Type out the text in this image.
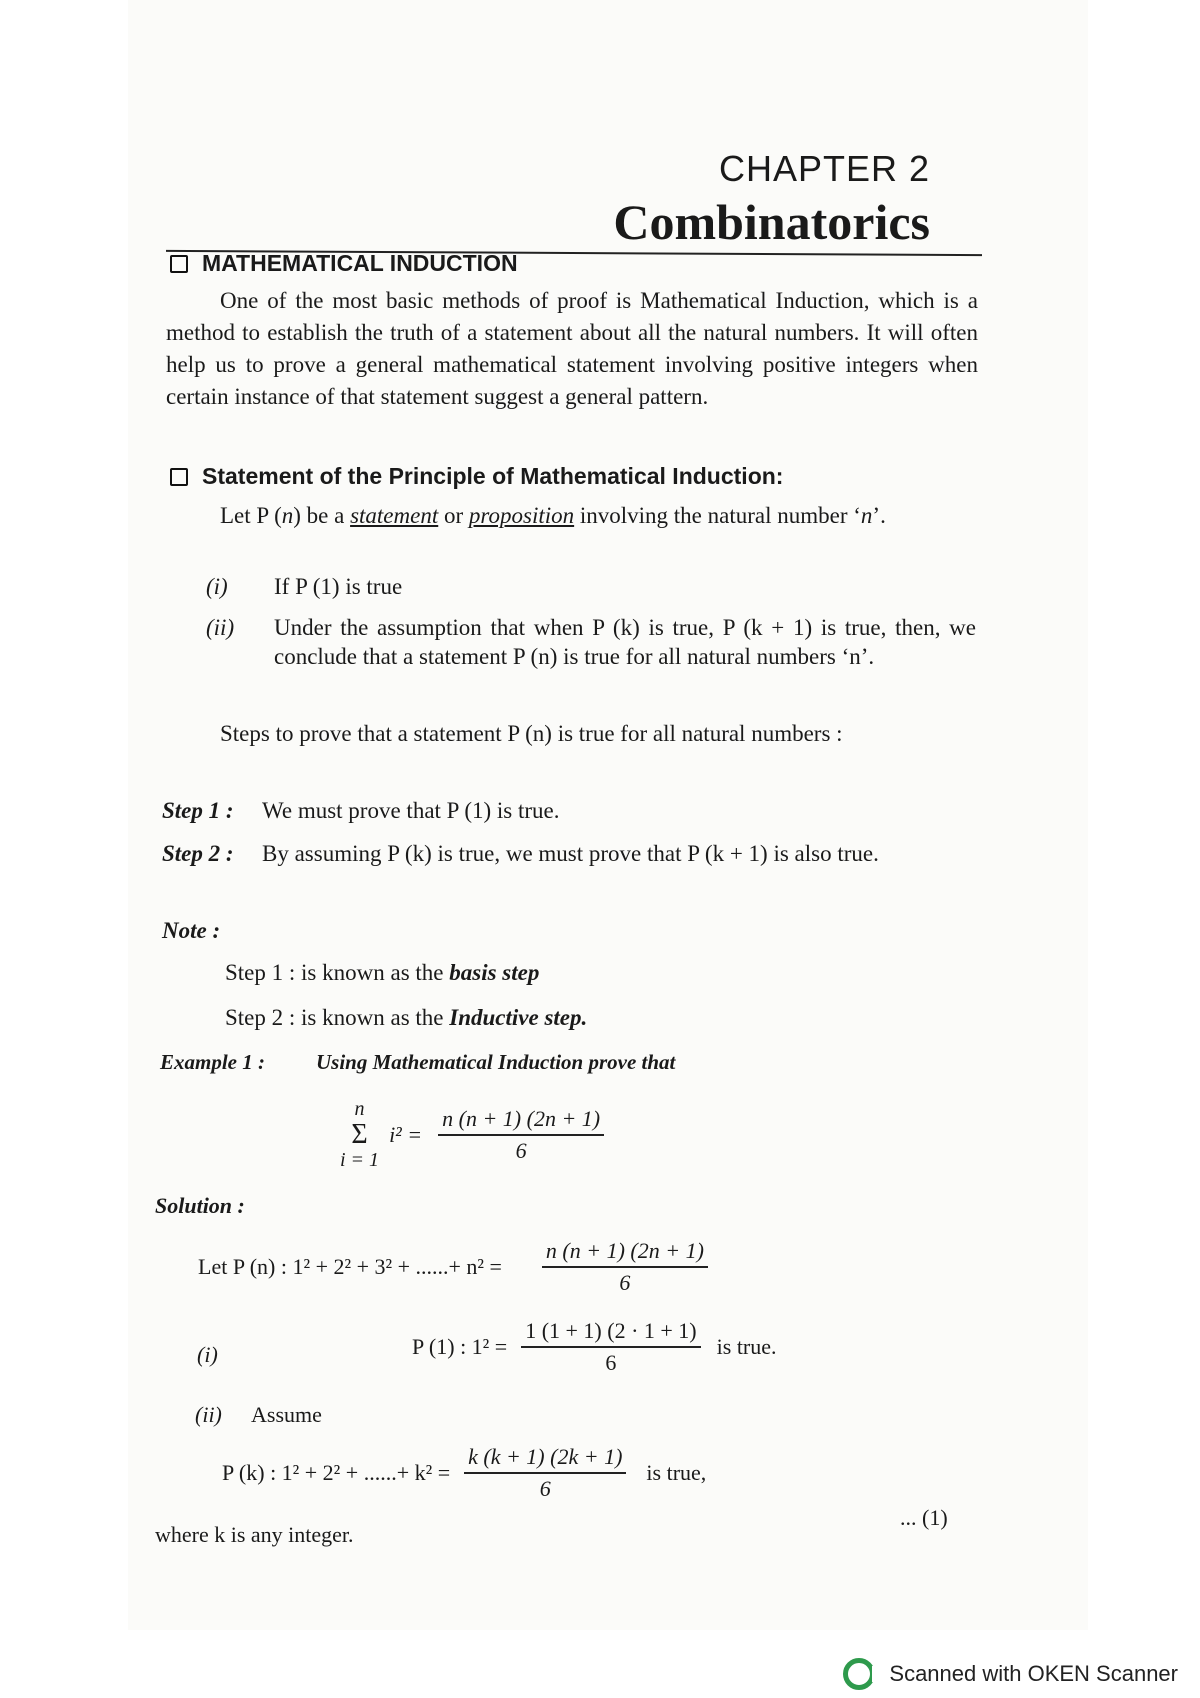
CHAPTER 2
Combinatorics
MATHEMATICAL INDUCTION
One of the most basic methods of proof is Mathematical Induction, which is a method to establish the truth of a statement about all the natural numbers. It will often help us to prove a general mathematical statement involving positive integers when certain instance of that statement suggest a general pattern.
Statement of the Principle of Mathematical Induction:
Let P (n) be a statement or proposition involving the natural number ‘n’.
(i)	If P (1) is true
(ii)	Under the assumption that when P (k) is true, P (k + 1) is true, then, we conclude that a statement P (n) is true for all natural numbers ‘n’.
Steps to prove that a statement P (n) is true for all natural numbers :
Step 1 :	We must prove that P (1) is true.
Step 2 :	By assuming P (k) is true, we must prove that P (k + 1) is also true.
Note :
Step 1 : is known as the basis step
Step 2 : is known as the Inductive step.
Example 1 :	Using Mathematical Induction prove that
n
Σ
i = 1
$i^2 = \frac{n (n + 1) (2n + 1)}{6}$
Solution :
Let P (n) : 1² + 2² + 3² + ......+ $n^2 = \frac{n (n + 1) (2n + 1)}{6}$
(i)	P (1) : $1^2 = \frac{1 (1 + 1) (2 \cdot 1 + 1)}{6}$ is true.
(ii)	Assume
P (k) : 1² + 2² + ......+ $k^2 = \frac{k (k + 1) (2k + 1)}{6}$ is true,
... (1)
where k is any integer.
Scanned with OKEN Scanner
